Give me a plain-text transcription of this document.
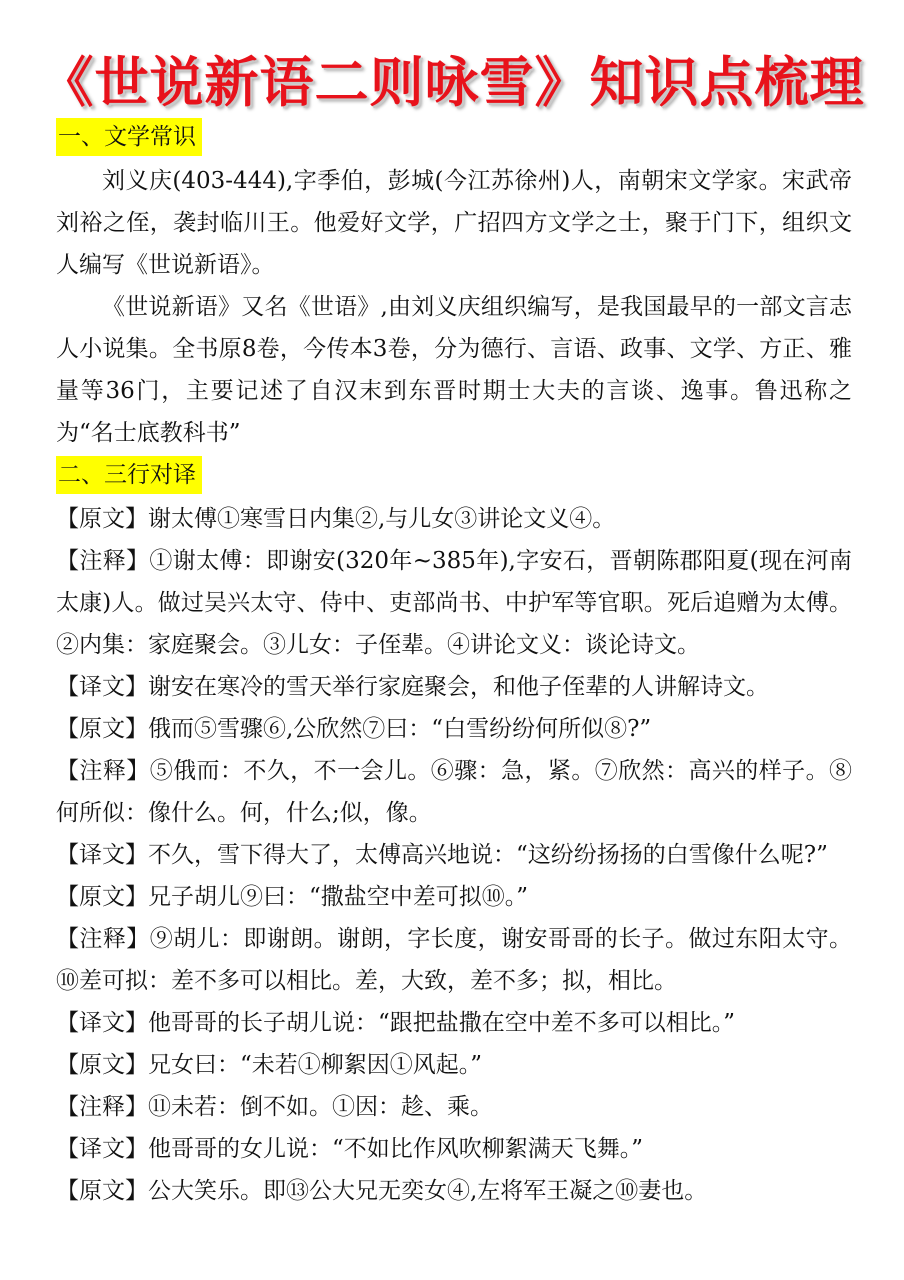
《世说新语二则咏雪》知识点梳理
一、文学常识

刘义庆(403-444),字季伯，彭城(今江苏徐州)人，南朝宋文学家。宋武帝刘裕之侄，袭封临川王。他爱好文学，广招四方文学之士，聚于门下，组织文人编写《世说新语》。

《世说新语》又名《世语》,由刘义庆组织编写，是我国最早的一部文言志人小说集。全书原8卷，今传本3卷，分为德行、言语、政事、文学、方正、雅量等36门，主要记述了自汉末到东晋时期士大夫的言谈、逸事。鲁迅称之为“名士底教科书”

二、三行对译

【原文】谢太傅①寒雪日内集②,与儿女③讲论文义④。

【注释】①谢太傅：即谢安(320年~385年),字安石，晋朝陈郡阳夏(现在河南太康)人。做过吴兴太守、侍中、吏部尚书、中护军等官职。死后追赠为太傅。②内集：家庭聚会。③儿女：子侄辈。④讲论文义：谈论诗文。

【译文】谢安在寒冷的雪天举行家庭聚会，和他子侄辈的人讲解诗文。

【原文】俄而⑤雪骤⑥,公欣然⑦曰：“白雪纷纷何所似⑧?”

【注释】⑤俄而：不久，不一会儿。⑥骤：急，紧。⑦欣然：高兴的样子。⑧何所似：像什么。何，什么;似，像。

【译文】不久，雪下得大了，太傅高兴地说：“这纷纷扬扬的白雪像什么呢?”

【原文】兄子胡儿⑨曰：“撒盐空中差可拟⑩。”

【注释】⑨胡儿：即谢朗。谢朗，字长度，谢安哥哥的长子。做过东阳太守。⑩差可拟：差不多可以相比。差，大致，差不多；拟，相比。

【译文】他哥哥的长子胡儿说：“跟把盐撒在空中差不多可以相比。”

【原文】兄女曰：“未若①柳絮因①风起。”

【注释】⑪未若：倒不如。①因：趁、乘。

【译文】他哥哥的女儿说：“不如比作风吹柳絮满天飞舞。”

【原文】公大笑乐。即⑬公大兄无奕女④,左将军王凝之⑩妻也。
